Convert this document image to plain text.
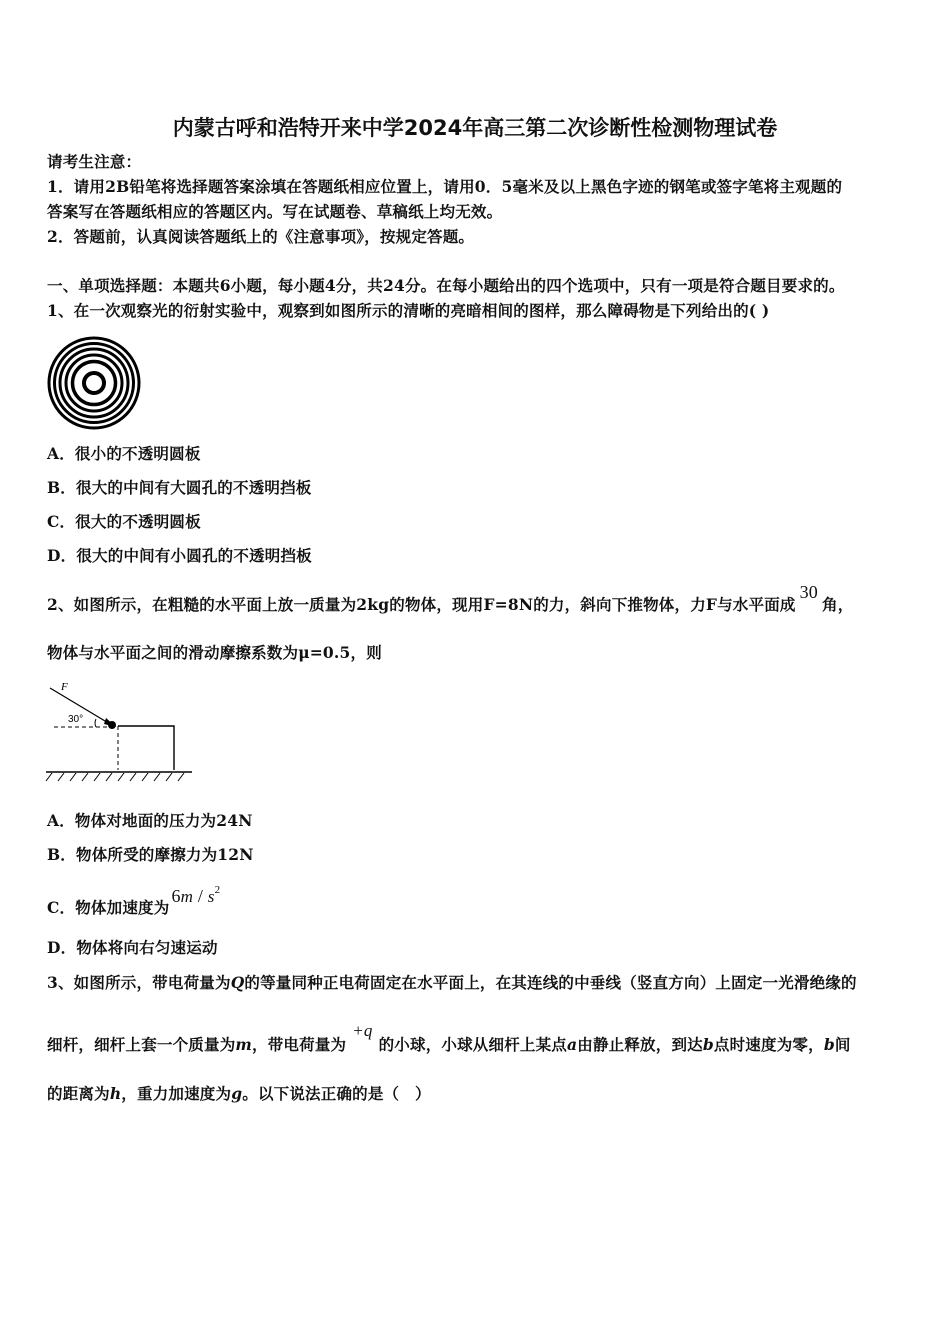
内蒙古呼和浩特开来中学2024年高三第二次诊断性检测物理试卷
请考生注意：
1．请用2B铅笔将选择题答案涂填在答题纸相应位置上，请用0．5毫米及以上黑色字迹的钢笔或签字笔将主观题的
答案写在答题纸相应的答题区内。写在试题卷、草稿纸上均无效。
2．答题前，认真阅读答题纸上的《注意事项》，按规定答题。
一、单项选择题：本题共6小题，每小题4分，共24分。在每小题给出的四个选项中，只有一项是符合题目要求的。
1、在一次观察光的衍射实验中，观察到如图所示的清晰的亮暗相间的图样，那么障碍物是下列给出的( )
A．很小的不透明圆板
B．很大的中间有大圆孔的不透明挡板
C．很大的不透明圆板
D．很大的中间有小圆孔的不透明挡板
2、如图所示，在粗糙的水平面上放一质量为2kg的物体，现用F=8N的力，斜向下推物体，力F与水平面成30角，
物体与水平面之间的滑动摩擦系数为μ=0.5，则
F
30°
A．物体对地面的压力为24N
B．物体所受的摩擦力为12N
C．物体加速度为$6m / s^2$
D．物体将向右匀速运动
3、如图所示，带电荷量为Q的等量同种正电荷固定在水平面上，在其连线的中垂线（竖直方向）上固定一光滑绝缘的
细杆，细杆上套一个质量为m，带电荷量为+q的小球，小球从细杆上某点a由静止释放，到达b点时速度为零，b间
的距离为h，重力加速度为g。以下说法正确的是（　）
